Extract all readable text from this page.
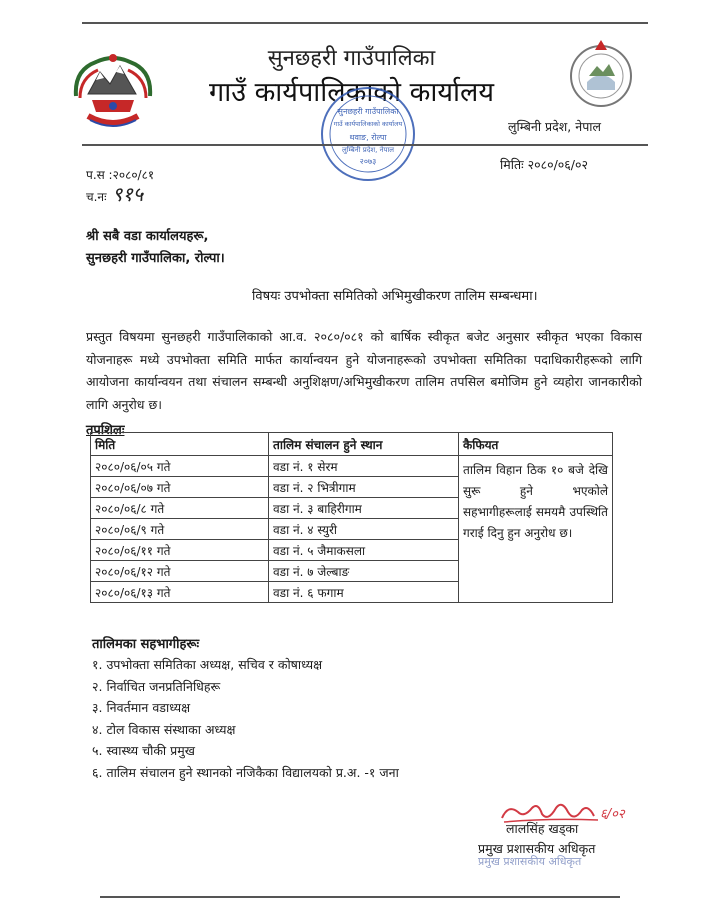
सुनछहरी गाउँपालिका
गाउँ कार्यपालिकाको कार्यालय
लुम्बिनी प्रदेश, नेपाल
सुनछहरी गाउँपालिका
गाउँ कार्यपालिकाको कार्यालय
थवाङ, रोल्पा
लुम्बिनी प्रदेश, नेपाल
२०७३
प.स :२०८०/८१
च.नः ९१५
मितिः २०८०/०६/०२
श्री सबै वडा कार्यालयहरू,
सुनछहरी गाउँपालिका, रोल्पा।
विषयः उपभोक्ता समितिको अभिमुखीकरण तालिम सम्बन्धमा।
प्रस्तुत विषयमा सुनछहरी गाउँपालिकाको आ.व. २०८०/०८१ को बार्षिक स्वीकृत बजेट अनुसार स्वीकृत भएका विकास योजनाहरू मध्ये उपभोक्ता समिति मार्फत कार्यान्वयन हुने योजनाहरूको उपभोक्ता समितिका पदाधिकारीहरूको लागि आयोजना कार्यान्वयन तथा संचालन सम्बन्धी अनुशिक्षण/अभिमुखीकरण तालिम तपसिल बमोजिम हुने व्यहोरा जानकारीको लागि अनुरोध छ।
तपशिलः
मिति	तालिम संचालन हुने स्थान	कैफियत
२०८०/०६/०५ गते	वडा नं. १ सेरम	तालिम विहान ठिक १० बजे देखि सुरू हुने भएकोले सहभागीहरूलाई समयमै उपस्थिति गराई दिनु हुन अनुरोध छ।
२०८०/०६/०७ गते	वडा नं. २ भित्रीगाम	
२०८०/०६/८ गते	वडा नं. ३ बाहिरीगाम	
२०८०/०६/९ गते	वडा नं. ४ स्युरी	
२०८०/०६/११ गते	वडा नं. ५ जैमाकसला	
२०८०/०६/१२ गते	वडा नं. ७ जेल्बाङ	
२०८०/०६/१३ गते	वडा नं. ६ फगाम	
तालिमका सहभागीहरूः
१. उपभोक्ता समितिका अध्यक्ष, सचिव र कोषाध्यक्ष
२. निर्वाचित जनप्रतिनिधिहरू
३. निवर्तमान वडाध्यक्ष
४. टोल विकास संस्थाका अध्यक्ष
५. स्वास्थ्य चौकी प्रमुख
६. तालिम संचालन हुने स्थानको नजिकैका विद्यालयको प्र.अ. -१ जना
६/०२
लालसिंह खड्का
प्रमुख प्रशासकीय अधिकृत
प्रमुख प्रशासकीय अधिकृत
